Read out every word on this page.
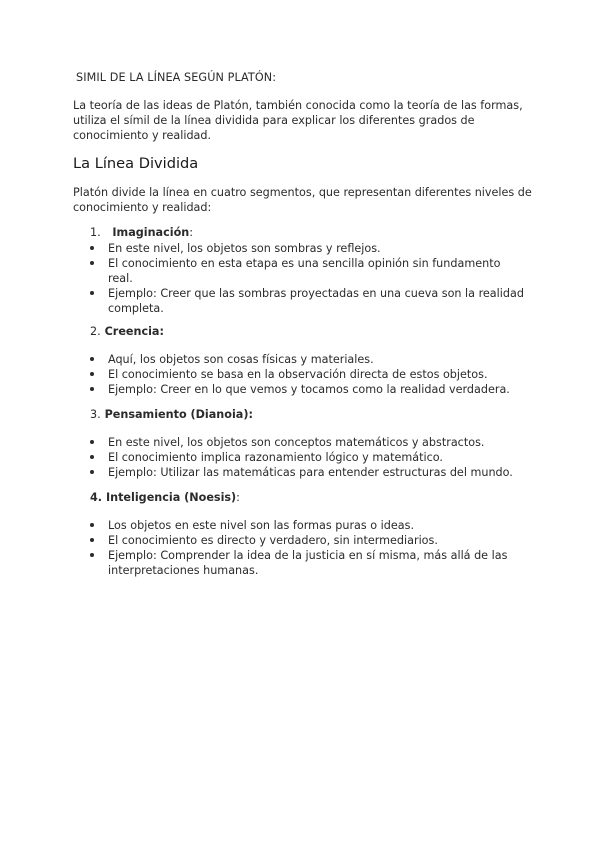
SIMIL DE LA LÍNEA SEGÚN PLATÓN:

La teoría de las ideas de Platón, también conocida como la teoría de las formas, utiliza el símil de la línea dividida para explicar los diferentes grados de conocimiento y realidad.

La Línea Dividida

Platón divide la línea en cuatro segmentos, que representan diferentes niveles de conocimiento y realidad:

1. Imaginación:

En este nivel, los objetos son sombras y reflejos.
El conocimiento en esta etapa es una sencilla opinión sin fundamento real.
Ejemplo: Creer que las sombras proyectadas en una cueva son la realidad completa.

2. Creencia:

Aquí, los objetos son cosas físicas y materiales.
El conocimiento se basa en la observación directa de estos objetos.
Ejemplo: Creer en lo que vemos y tocamos como la realidad verdadera.

3. Pensamiento (Dianoia):

En este nivel, los objetos son conceptos matemáticos y abstractos.
El conocimiento implica razonamiento lógico y matemático.
Ejemplo: Utilizar las matemáticas para entender estructuras del mundo.

4. Inteligencia (Noesis):

Los objetos en este nivel son las formas puras o ideas.
El conocimiento es directo y verdadero, sin intermediarios.
Ejemplo: Comprender la idea de la justicia en sí misma, más allá de las interpretaciones humanas.
